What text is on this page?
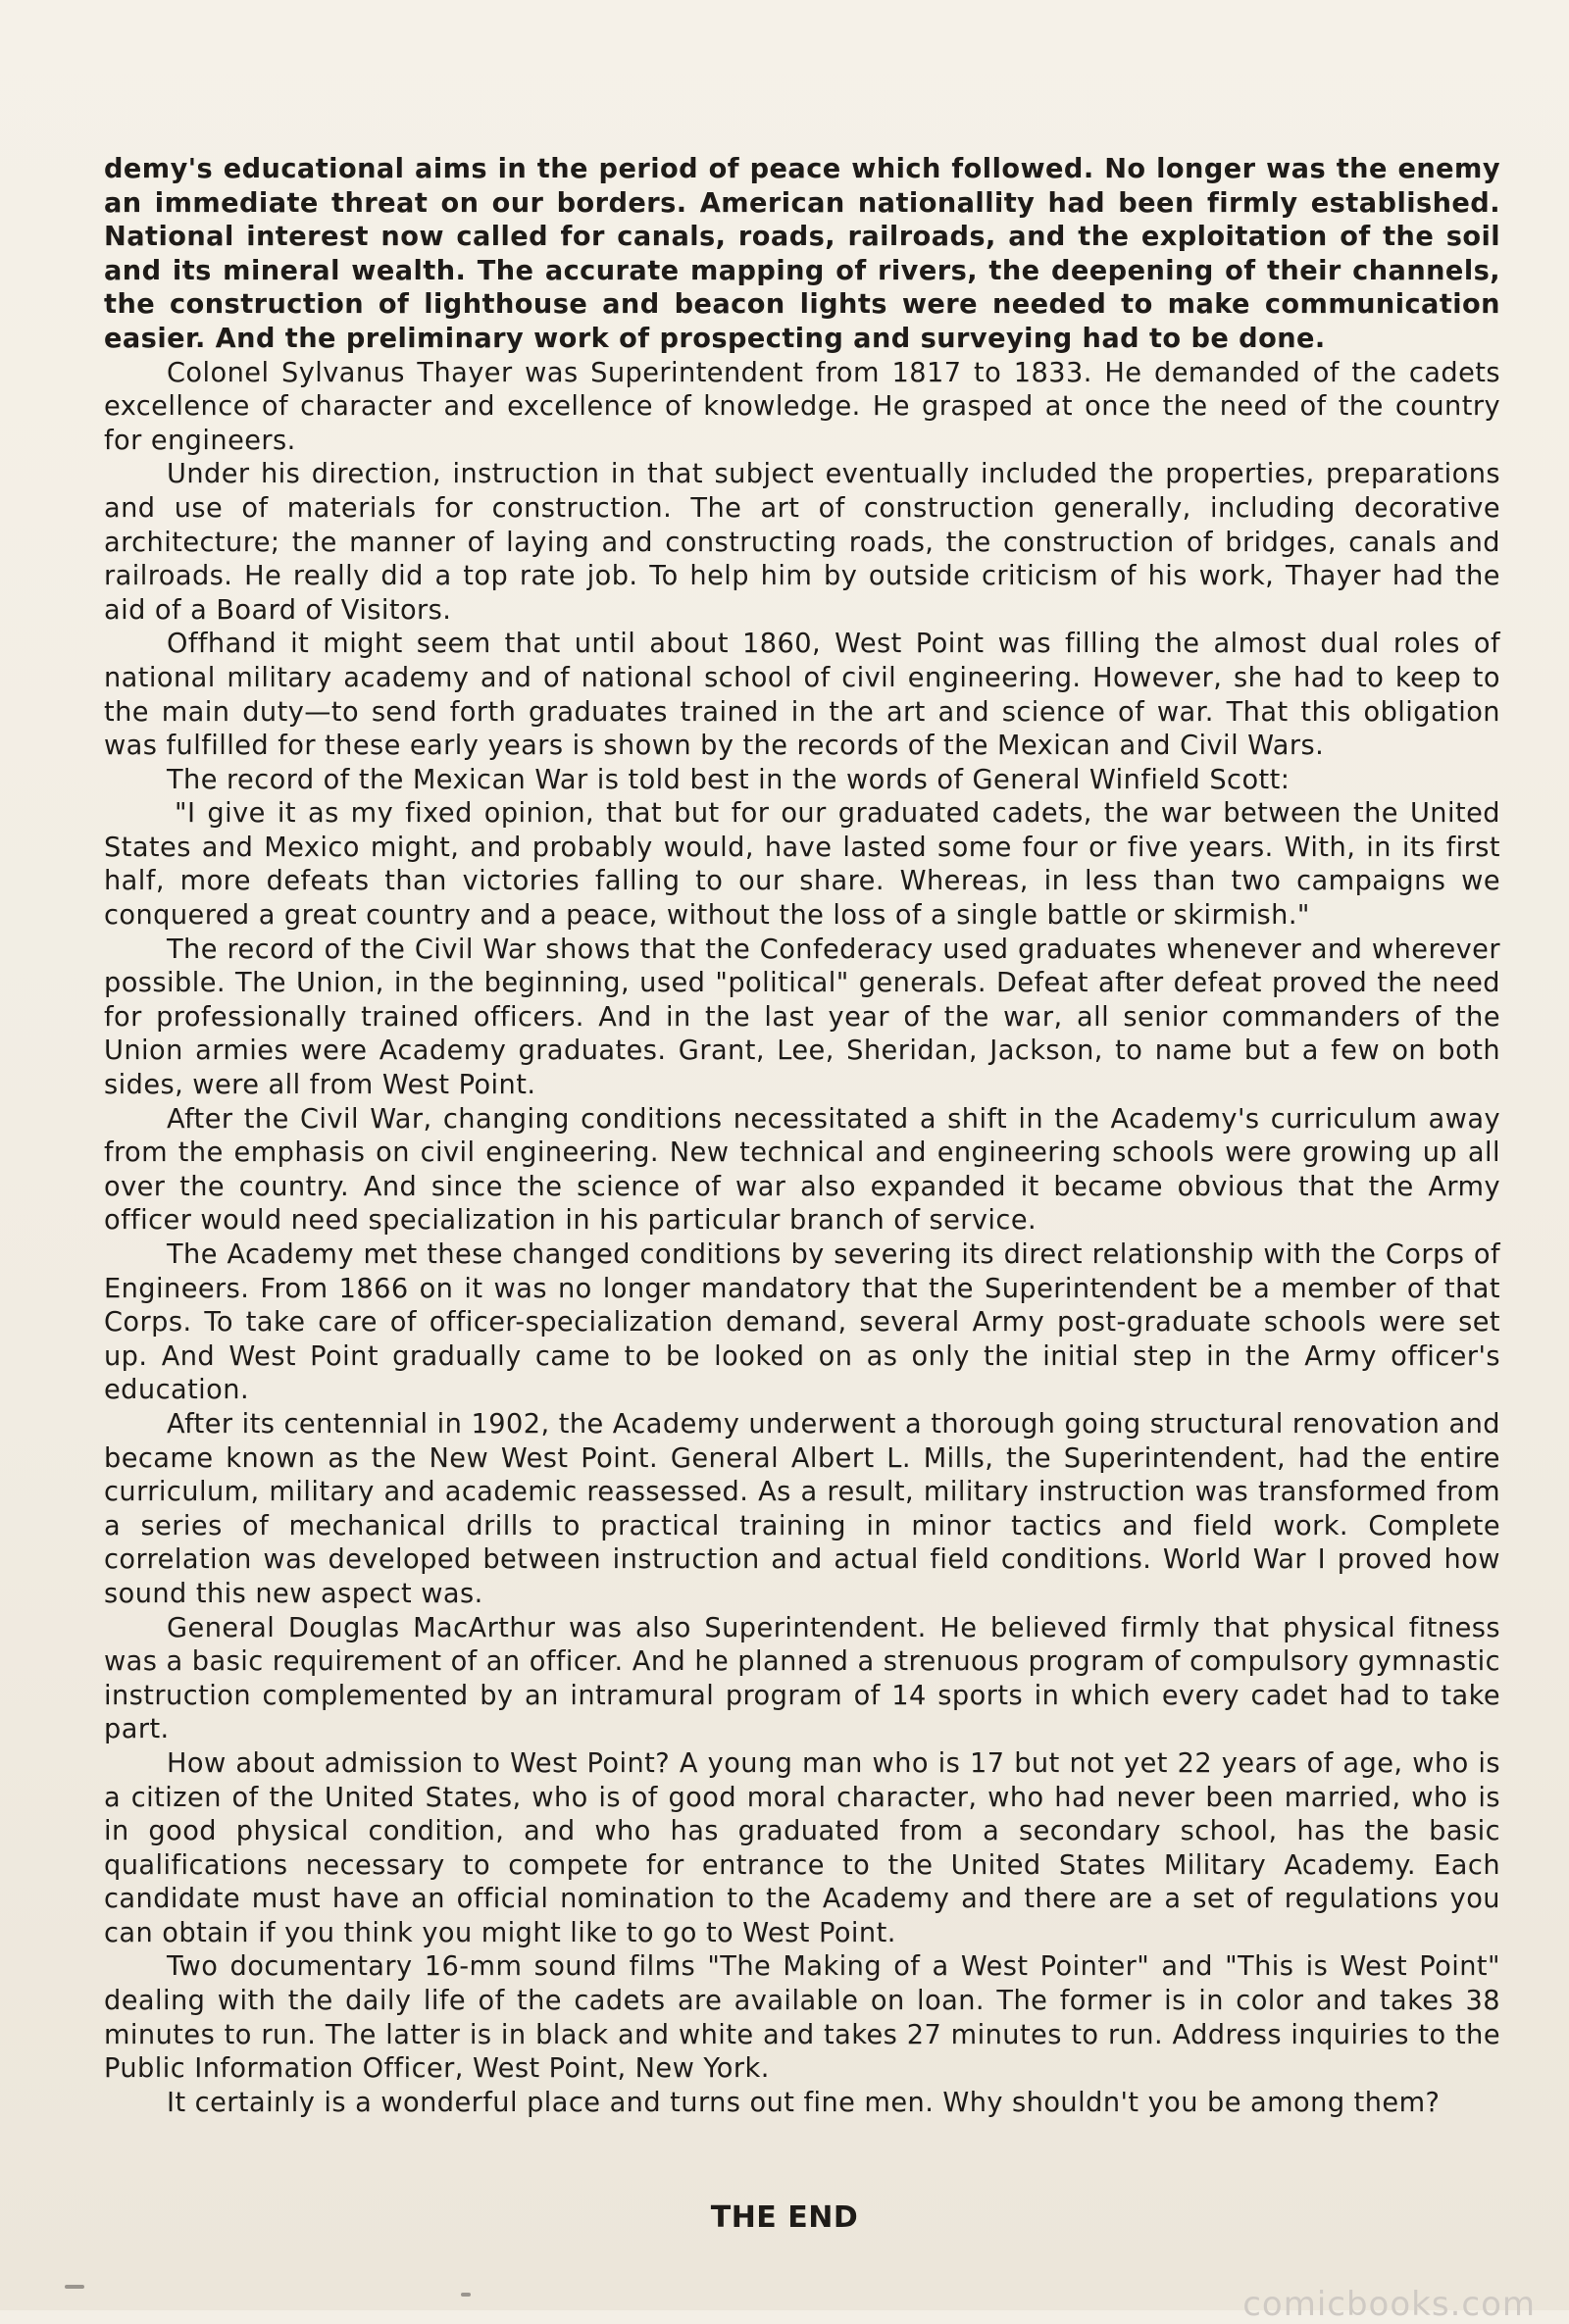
demy's educational aims in the period of peace which followed. No longer was the enemy an immediate threat on our borders. American nationallity had been firmly established. National interest now called for canals, roads, railroads, and the exploitation of the soil and its mineral wealth. The accurate mapping of rivers, the deepening of their channels, the construction of lighthouse and beacon lights were needed to make communication easier. And the preliminary work of prospecting and surveying had to be done.

Colonel Sylvanus Thayer was Superintendent from 1817 to 1833. He demanded of the cadets excellence of character and excellence of knowledge. He grasped at once the need of the country for engineers.

Under his direction, instruction in that subject eventually included the properties, preparations and use of materials for construction. The art of construction generally, including decorative architecture; the manner of laying and constructing roads, the construction of bridges, canals and railroads. He really did a top rate job. To help him by outside criticism of his work, Thayer had the aid of a Board of Visitors.

Offhand it might seem that until about 1860, West Point was filling the almost dual roles of national military academy and of national school of civil engineering. However, she had to keep to the main duty—to send forth graduates trained in the art and science of war. That this obligation was fulfilled for these early years is shown by the records of the Mexican and Civil Wars.

The record of the Mexican War is told best in the words of General Winfield Scott:

"I give it as my fixed opinion, that but for our graduated cadets, the war between the United States and Mexico might, and probably would, have lasted some four or five years. With, in its first half, more defeats than victories falling to our share. Whereas, in less than two campaigns we conquered a great country and a peace, without the loss of a single battle or skirmish."

The record of the Civil War shows that the Confederacy used graduates whenever and wherever possible. The Union, in the beginning, used "political" generals. Defeat after defeat proved the need for professionally trained officers. And in the last year of the war, all senior commanders of the Union armies were Academy graduates. Grant, Lee, Sheridan, Jackson, to name but a few on both sides, were all from West Point.

After the Civil War, changing conditions necessitated a shift in the Academy's curriculum away from the emphasis on civil engineering. New technical and engineering schools were growing up all over the country. And since the science of war also expanded it became obvious that the Army officer would need specialization in his particular branch of service.

The Academy met these changed conditions by severing its direct relationship with the Corps of Engineers. From 1866 on it was no longer mandatory that the Superintendent be a member of that Corps. To take care of officer-specialization demand, several Army post-graduate schools were set up. And West Point gradually came to be looked on as only the initial step in the Army officer's education.

After its centennial in 1902, the Academy underwent a thorough going structural renovation and became known as the New West Point. General Albert L. Mills, the Superintendent, had the entire curriculum, military and academic reassessed. As a result, military instruction was transformed from a series of mechanical drills to practical training in minor tactics and field work. Complete correlation was developed between instruction and actual field conditions. World War I proved how sound this new aspect was.

General Douglas MacArthur was also Superintendent. He believed firmly that physical fitness was a basic requirement of an officer. And he planned a strenuous program of compulsory gymnastic instruction complemented by an intramural program of 14 sports in which every cadet had to take part.

How about admission to West Point? A young man who is 17 but not yet 22 years of age, who is a citizen of the United States, who is of good moral character, who had never been married, who is in good physical condition, and who has graduated from a secondary school, has the basic qualifications necessary to compete for entrance to the United States Military Academy. Each candidate must have an official nomination to the Academy and there are a set of regulations you can obtain if you think you might like to go to West Point.

Two documentary 16-mm sound films "The Making of a West Pointer" and "This is West Point" dealing with the daily life of the cadets are available on loan. The former is in color and takes 38 minutes to run. The latter is in black and white and takes 27 minutes to run. Address inquiries to the Public Information Officer, West Point, New York.

It certainly is a wonderful place and turns out fine men. Why shouldn't you be among them?

THE END
comicbooks.com
